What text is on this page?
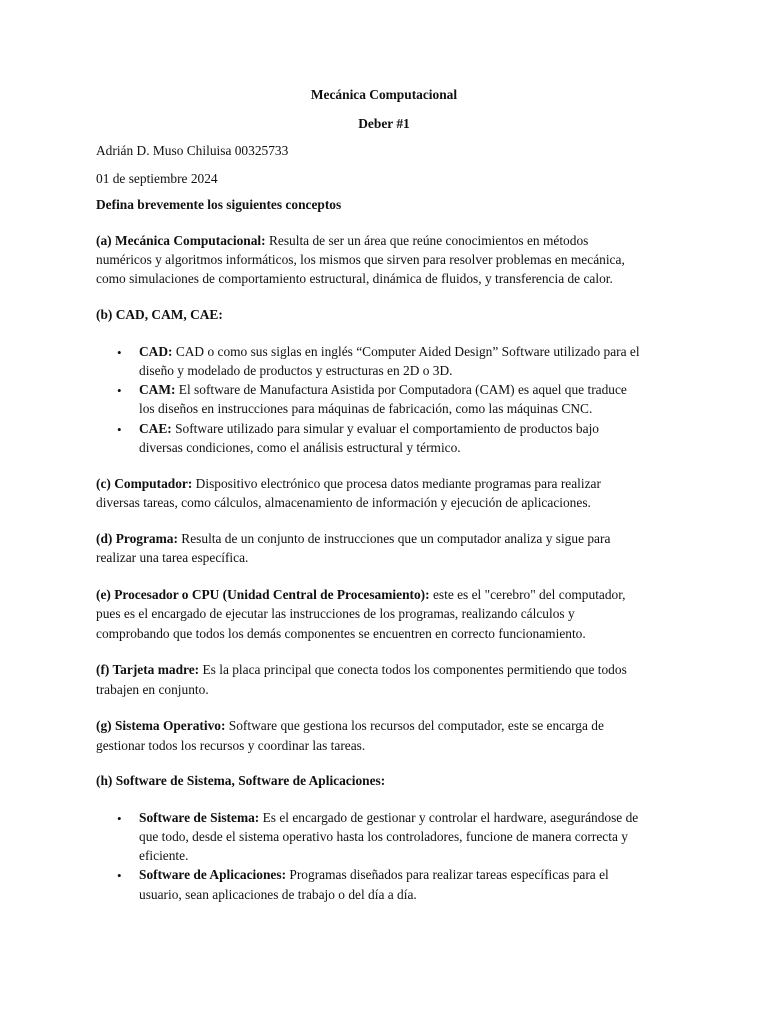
Mecánica Computacional
Deber #1
Adrián D. Muso Chiluisa 00325733
01 de septiembre 2024
Defina brevemente los siguientes conceptos
(a) Mecánica Computacional: Resulta de ser un área que reúne conocimientos en métodos
numéricos y algoritmos informáticos, los mismos que sirven para resolver problemas en mecánica,
como simulaciones de comportamiento estructural, dinámica de fluidos, y transferencia de calor.
(b) CAD, CAM, CAE:
• CAD: CAD o como sus siglas en inglés “Computer Aided Design” Software utilizado para el
diseño y modelado de productos y estructuras en 2D o 3D.
• CAM: El software de Manufactura Asistida por Computadora (CAM) es aquel que traduce
los diseños en instrucciones para máquinas de fabricación, como las máquinas CNC.
• CAE: Software utilizado para simular y evaluar el comportamiento de productos bajo
diversas condiciones, como el análisis estructural y térmico.
(c) Computador: Dispositivo electrónico que procesa datos mediante programas para realizar
diversas tareas, como cálculos, almacenamiento de información y ejecución de aplicaciones.
(d) Programa: Resulta de un conjunto de instrucciones que un computador analiza y sigue para
realizar una tarea específica.
(e) Procesador o CPU (Unidad Central de Procesamiento): este es el "cerebro" del computador,
pues es el encargado de ejecutar las instrucciones de los programas, realizando cálculos y
comprobando que todos los demás componentes se encuentren en correcto funcionamiento.
(f) Tarjeta madre: Es la placa principal que conecta todos los componentes permitiendo que todos
trabajen en conjunto.
(g) Sistema Operativo: Software que gestiona los recursos del computador, este se encarga de
gestionar todos los recursos y coordinar las tareas.
(h) Software de Sistema, Software de Aplicaciones:
• Software de Sistema: Es el encargado de gestionar y controlar el hardware, asegurándose de
que todo, desde el sistema operativo hasta los controladores, funcione de manera correcta y
eficiente.
• Software de Aplicaciones: Programas diseñados para realizar tareas específicas para el
usuario, sean aplicaciones de trabajo o del día a día.
